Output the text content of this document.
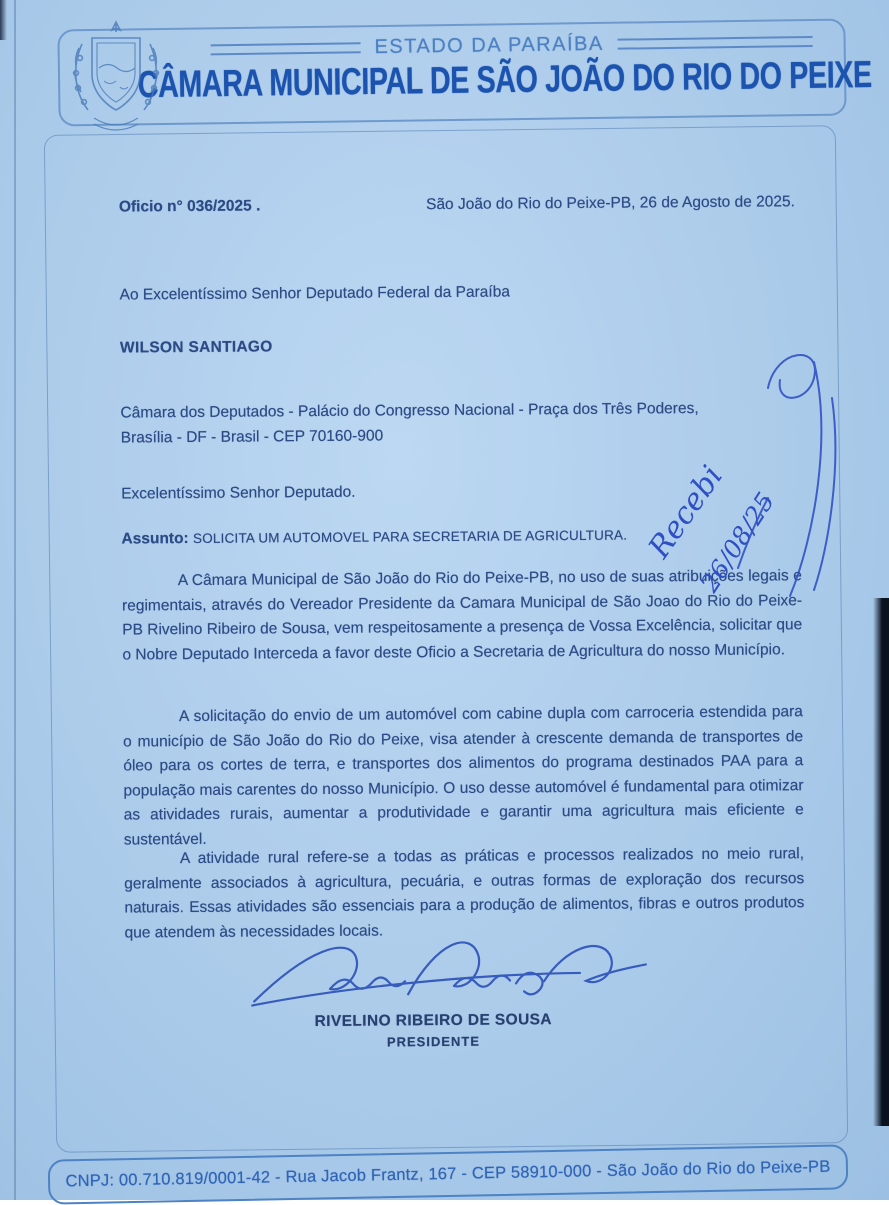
ESTADO DA PARAÍBA
CÂMARA MUNICIPAL DE SÃO JOÃO DO RIO DO PEIXE
Oficio n° 036/2025 .	São João do Rio do Peixe-PB, 26 de Agosto de 2025.
Ao Excelentíssimo Senhor Deputado Federal da Paraíba
WILSON SANTIAGO
Câmara dos Deputados - Palácio do Congresso Nacional - Praça dos Três Poderes,
Brasília - DF - Brasil - CEP 70160-900
Excelentíssimo Senhor Deputado.
Assunto: SOLICITA UM AUTOMOVEL PARA SECRETARIA DE AGRICULTURA.
A Câmara Municipal de São João do Rio do Peixe-PB, no uso de suas atribuições legais e regimentais, através do Vereador Presidente da Camara Municipal de São Joao do Rio do Peixe-PB Rivelino Ribeiro de Sousa, vem respeitosamente a presença de Vossa Excelência, solicitar que o Nobre Deputado Interceda a favor deste Oficio a Secretaria de Agricultura do nosso Município.
A solicitação do envio de um automóvel com cabine dupla com carroceria estendida para o município de São João do Rio do Peixe, visa atender à crescente demanda de transportes de óleo para os cortes de terra, e transportes dos alimentos do programa destinados PAA para a população mais carentes do nosso Município. O uso desse automóvel é fundamental para otimizar as atividades rurais, aumentar a produtividade e garantir uma agricultura mais eficiente e sustentável.
A atividade rural refere-se a todas as práticas e processos realizados no meio rural, geralmente associados à agricultura, pecuária, e outras formas de exploração dos recursos naturais. Essas atividades são essenciais para a produção de alimentos, fibras e outros produtos que atendem às necessidades locais.
RIVELINO RIBEIRO DE SOUSA
PRESIDENTE
Recebi
26/08/25
CNPJ: 00.710.819/0001-42 - Rua Jacob Frantz, 167 - CEP 58910-000 - São João do Rio do Peixe-PB
